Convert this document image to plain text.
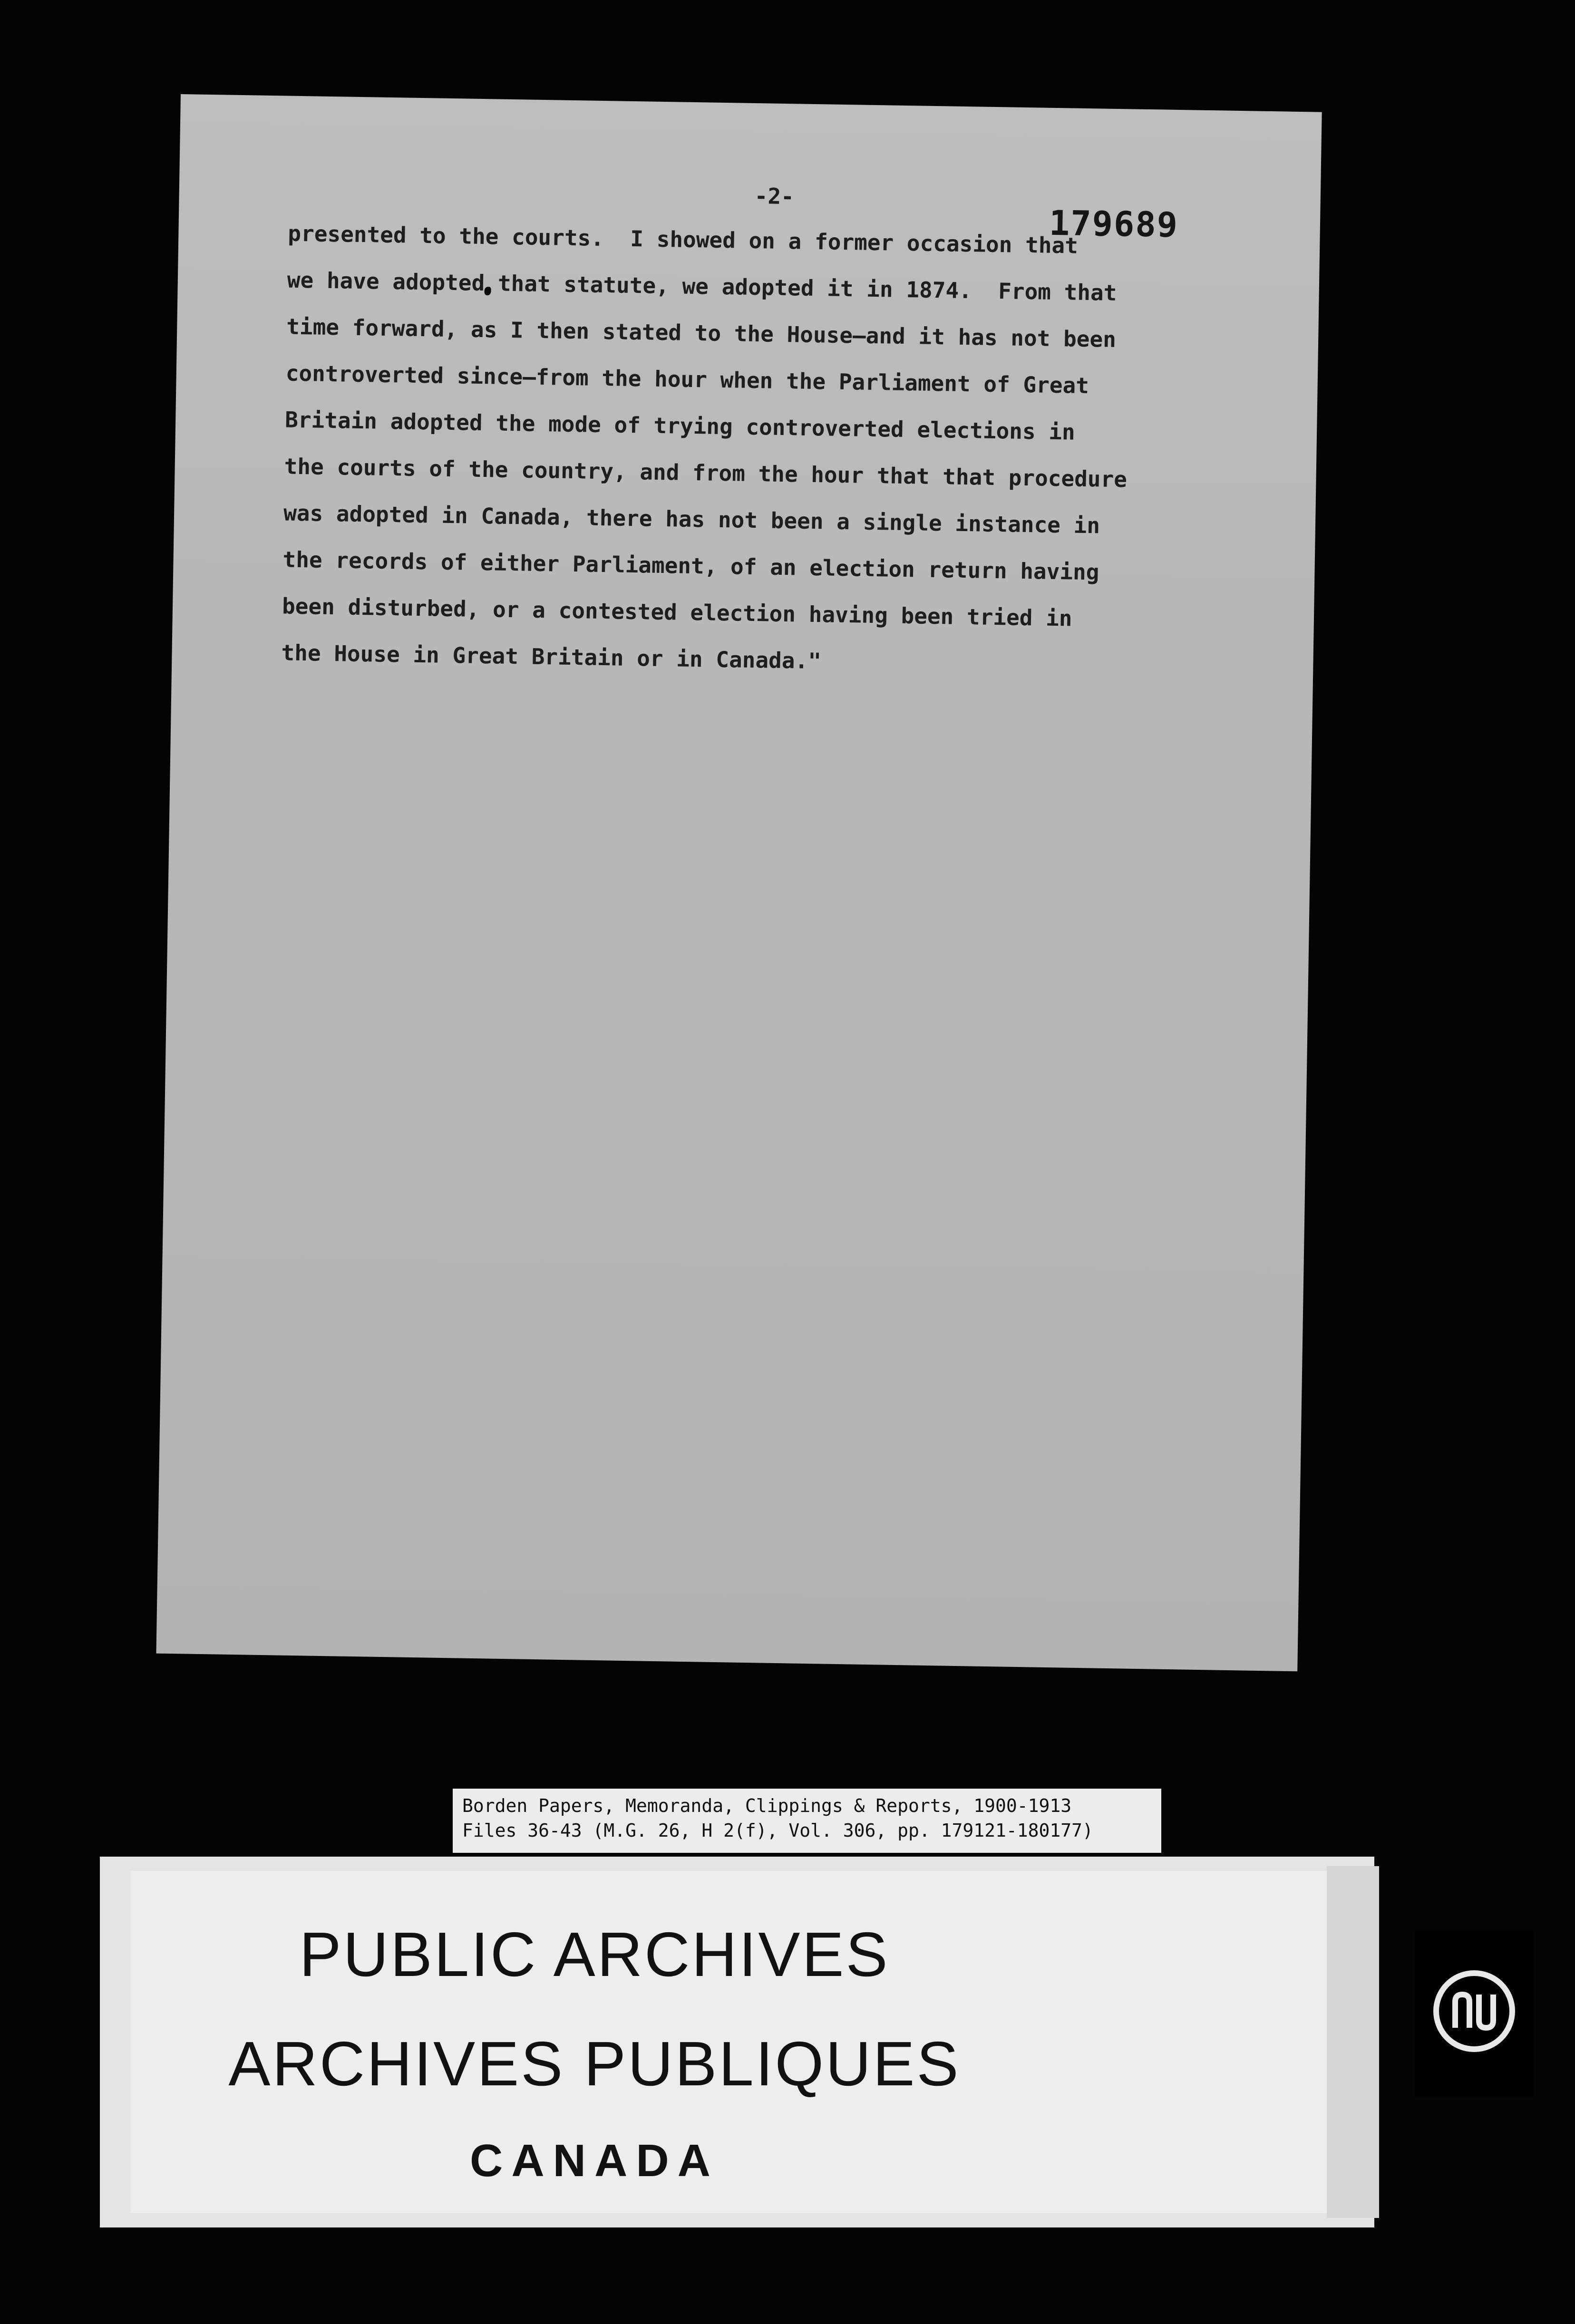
-2-
179689
presented to the courts.  I showed on a former occasion that
we have adopted that statute, we adopted it in 1874.  From that
time forward, as I then stated to the House—and it has not been
controverted since—from the hour when the Parliament of Great
Britain adopted the mode of trying controverted elections in
the courts of the country, and from the hour that that procedure
was adopted in Canada, there has not been a single instance in
the records of either Parliament, of an election return having
been disturbed, or a contested election having been tried in
the House in Great Britain or in Canada."
Borden Papers, Memoranda, Clippings & Reports, 1900-1913
Files 36-43 (M.G. 26, H 2(f), Vol. 306, pp. 179121-180177)
PUBLIC ARCHIVES
ARCHIVES PUBLIQUES
CANADA
